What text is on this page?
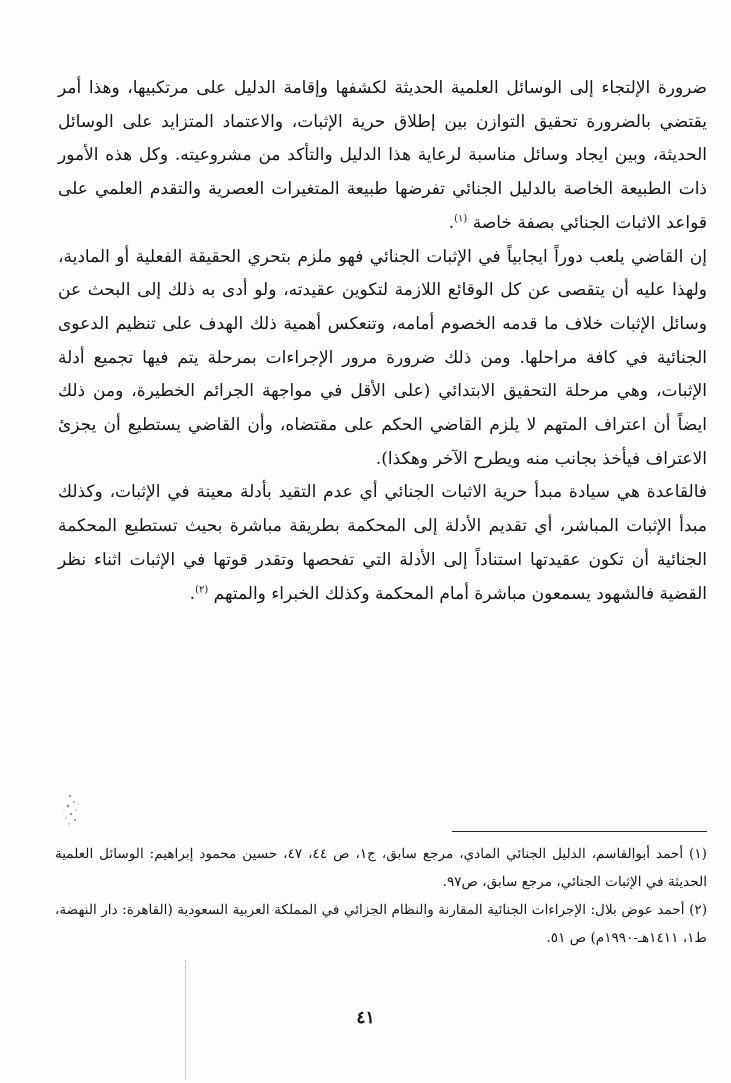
ضرورة الإلتجاء إلى الوسائل العلمية الحديثة لكشفها وإقامة الدليل على مرتكبيها، وهذا أمر يقتضي بالضرورة تحقيق التوازن بين إطلاق حرية الإثبات، والاعتماد المتزايد على الوسائل الحديثة، وبين ايجاد وسائل مناسبة لرعاية هذا الدليل والتأكد من مشروعيته. وكل هذه الأمور ذات الطبيعة الخاصة بالدليل الجنائي تفرضها طبيعة المتغيرات العصرية والتقدم العلمي على قواعد الاثبات الجنائي بصفة خاصة $^{(١)}$.

إن القاضي يلعب دوراً ايجابياً في الإثبات الجنائي فهو ملزم بتحري الحقيقة الفعلية أو المادية، ولهذا عليه أن يتقصى عن كل الوقائع اللازمة لتكوين عقيدته، ولو أدى به ذلك إلى البحث عن وسائل الإثبات خلاف ما قدمه الخصوم أمامه، وتنعكس أهمية ذلك الهدف على تنظيم الدعوى الجنائية في كافة مراحلها. ومن ذلك ضرورة مرور الإجراءات بمرحلة يتم فيها تجميع أدلة الإثبات، وهي مرحلة التحقيق الابتدائي (على الأقل في مواجهة الجرائم الخطيرة، ومن ذلك ايضاً أن اعتراف المتهم لا يلزم القاضي الحكم على مقتضاه، وأن القاضي يستطيع أن يجزئ الاعتراف فيأخذ بجانب منه ويطرح الآخر وهكذا).

فالقاعدة هي سيادة مبدأ حرية الاثبات الجنائي أي عدم التقيد بأدلة معينة في الإثبات، وكذلك مبدأ الإثبات المباشر، أي تقديم الأدلة إلى المحكمة بطريقة مباشرة بحيث تستطيع المحكمة الجنائية أن تكون عقيدتها استناداً إلى الأدلة التي تفحصها وتقدر قوتها في الإثبات اثناء نظر القضية فالشهود يسمعون مباشرة أمام المحكمة وكذلك الخبراء والمتهم $^{(٢)}$.

(١) أحمد أبوالقاسم، الدليل الجنائي المادي، مرجع سابق، ج١، ص ٤٤، ٤٧، حسين محمود إبراهيم: الوسائل العلمية الحديثة في الإثبات الجنائي، مرجع سابق، ص٩٧.

(٢) أحمد عوض بلال: الإجراءات الجنائية المقارنة والنظام الجزائي في المملكة العربية السعودية (القاهرة: دار النهضة، ط١، ١٤١١هـ-١٩٩٠م) ص ٥١.

٤١
